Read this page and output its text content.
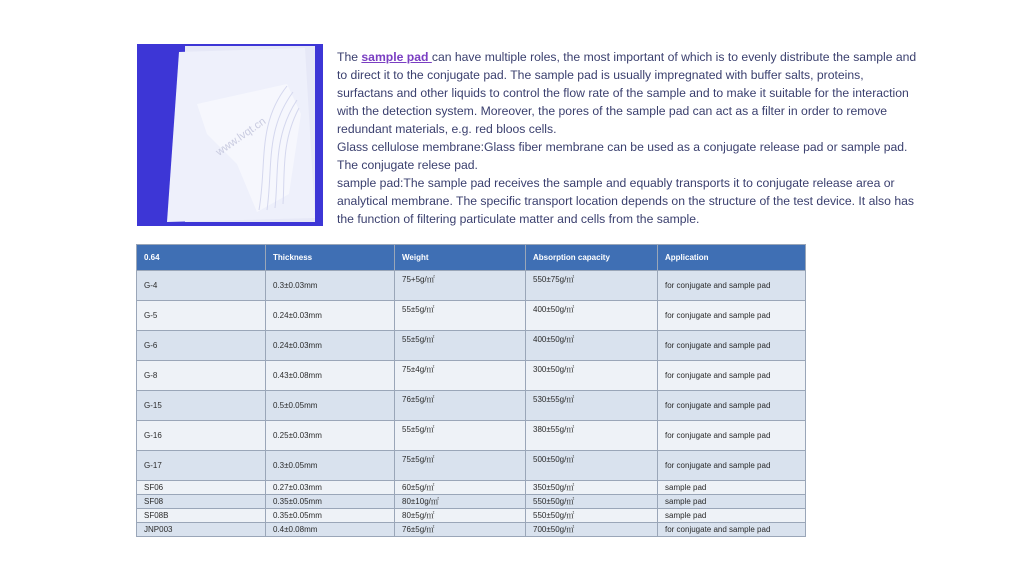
www.lvqt.cn

The sample pad can have multiple roles, the most important of which is to evenly distribute the sample and to direct it to the conjugate pad. The sample pad is usually impregnated with buffer salts, proteins, surfactans and other liquids to control the flow rate of the sample and to make it suitable for the interaction with the detection system. Moreover, the pores of the sample pad can act as a filter in order to remove redundant materials, e.g. red bloos cells.

Glass cellulose membrane:Glass fiber membrane can be used as a conjugate release pad or sample pad. The conjugate relese pad.

sample pad:The sample pad receives the sample and equably transports it to conjugate release area or analytical membrane. The specific transport location depends on the structure of the test device. It also has the function of filtering particulate matter and cells from the sample.

0.64	Thickness	Weight	Absorption capacity	Application
G-4	0.3±0.03mm	75+5g/㎡	550±75g/㎡	for conjugate and sample pad
G-5	0.24±0.03mm	55±5g/㎡	400±50g/㎡	for conjugate and sample pad
G-6	0.24±0.03mm	55±5g/㎡	400±50g/㎡	for conjugate and sample pad
G-8	0.43±0.08mm	75±4g/㎡	300±50g/㎡	for conjugate and sample pad
G-15	0.5±0.05mm	76±5g/㎡	530±55g/㎡	for conjugate and sample pad
G-16	0.25±0.03mm	55±5g/㎡	380±55g/㎡	for conjugate and sample pad
G-17	0.3±0.05mm	75±5g/㎡	500±50g/㎡	for conjugate and sample pad
SF06	0.27±0.03mm	60±5g/㎡	350±50g/㎡	sample pad
SF08	0.35±0.05mm	80±10g/㎡	550±50g/㎡	sample pad
SF08B	0.35±0.05mm	80±5g/㎡	550±50g/㎡	sample pad
JNP003	0.4±0.08mm	76±5g/㎡	700±50g/㎡	for conjugate and sample pad
